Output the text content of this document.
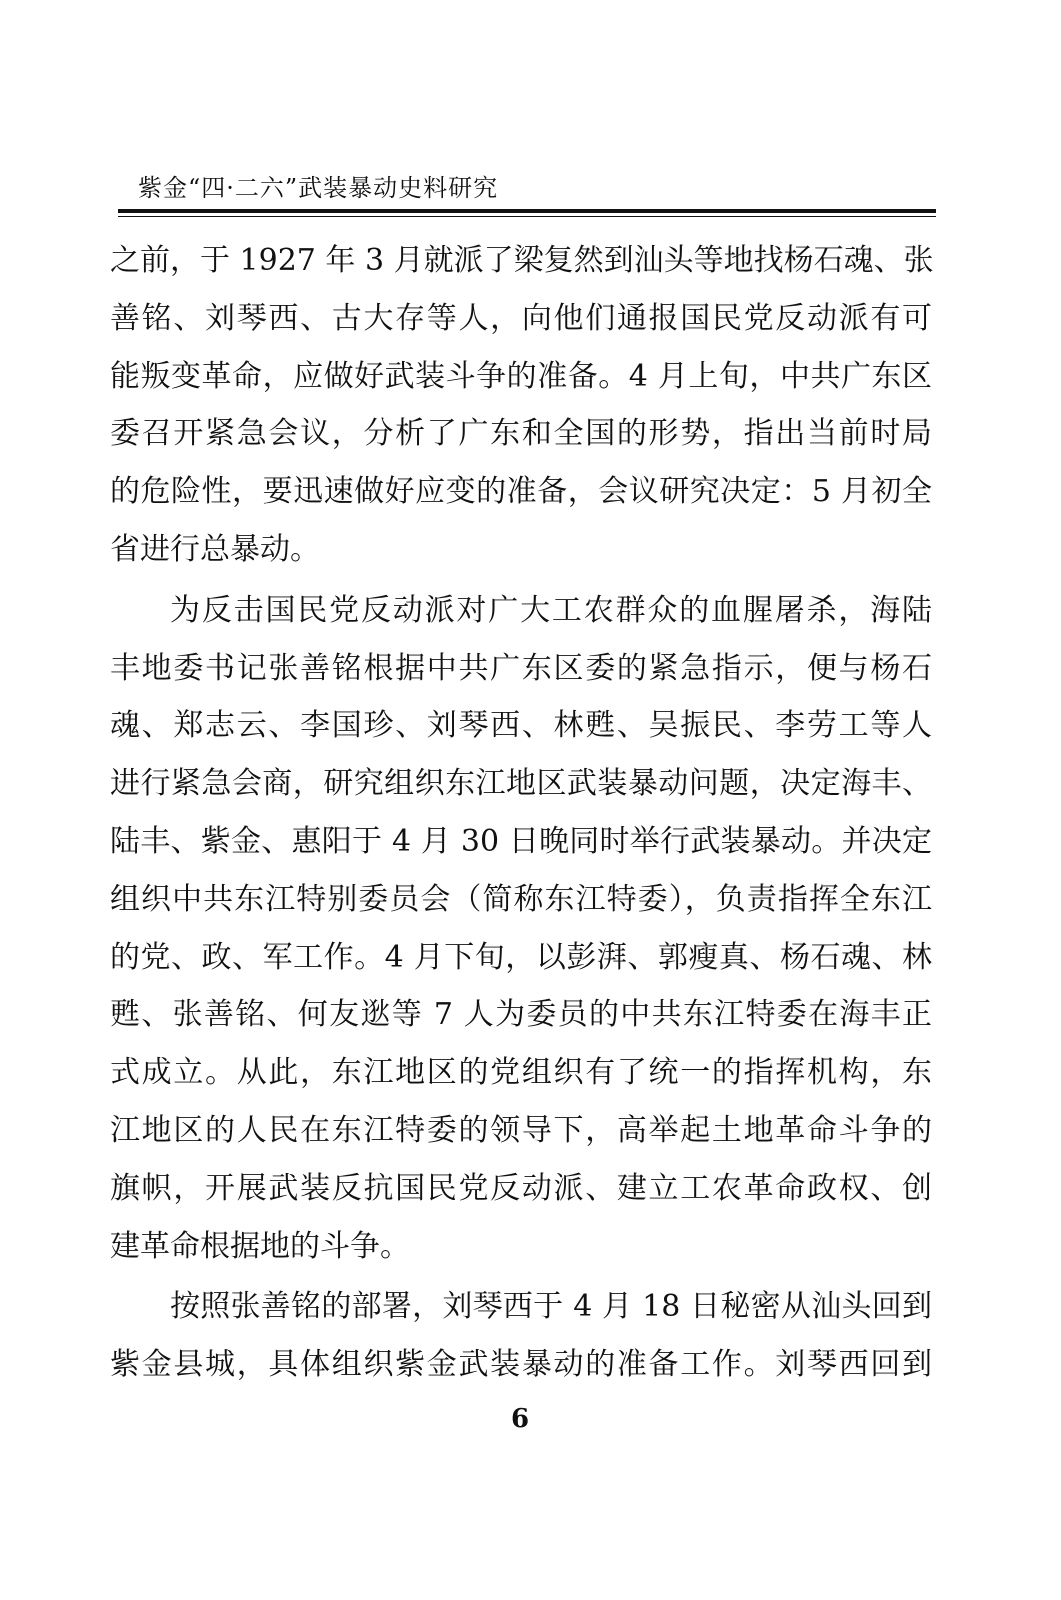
紫金“四·二六”武装暴动史料研究
之前，于 1927 年 3 月就派了梁复然到汕头等地找杨石魂、张
善铭、刘琴西、古大存等人，向他们通报国民党反动派有可
能叛变革命，应做好武装斗争的准备。4 月上旬，中共广东区
委召开紧急会议，分析了广东和全国的形势，指出当前时局
的危险性，要迅速做好应变的准备，会议研究决定：5 月初全
省进行总暴动。
为反击国民党反动派对广大工农群众的血腥屠杀，海陆
丰地委书记张善铭根据中共广东区委的紧急指示，便与杨石
魂、郑志云、李国珍、刘琴西、林甦、吴振民、李劳工等人
进行紧急会商，研究组织东江地区武装暴动问题，决定海丰、
陆丰、紫金、惠阳于 4 月 30 日晚同时举行武装暴动。并决定
组织中共东江特别委员会（简称东江特委），负责指挥全东江
的党、政、军工作。4 月下旬，以彭湃、郭瘦真、杨石魂、林
甦、张善铭、何友逖等 7 人为委员的中共东江特委在海丰正
式成立。从此，东江地区的党组织有了统一的指挥机构，东
江地区的人民在东江特委的领导下，高举起土地革命斗争的
旗帜，开展武装反抗国民党反动派、建立工农革命政权、创
建革命根据地的斗争。
按照张善铭的部署，刘琴西于 4 月 18 日秘密从汕头回到
紫金县城，具体组织紫金武装暴动的准备工作。刘琴西回到
6
